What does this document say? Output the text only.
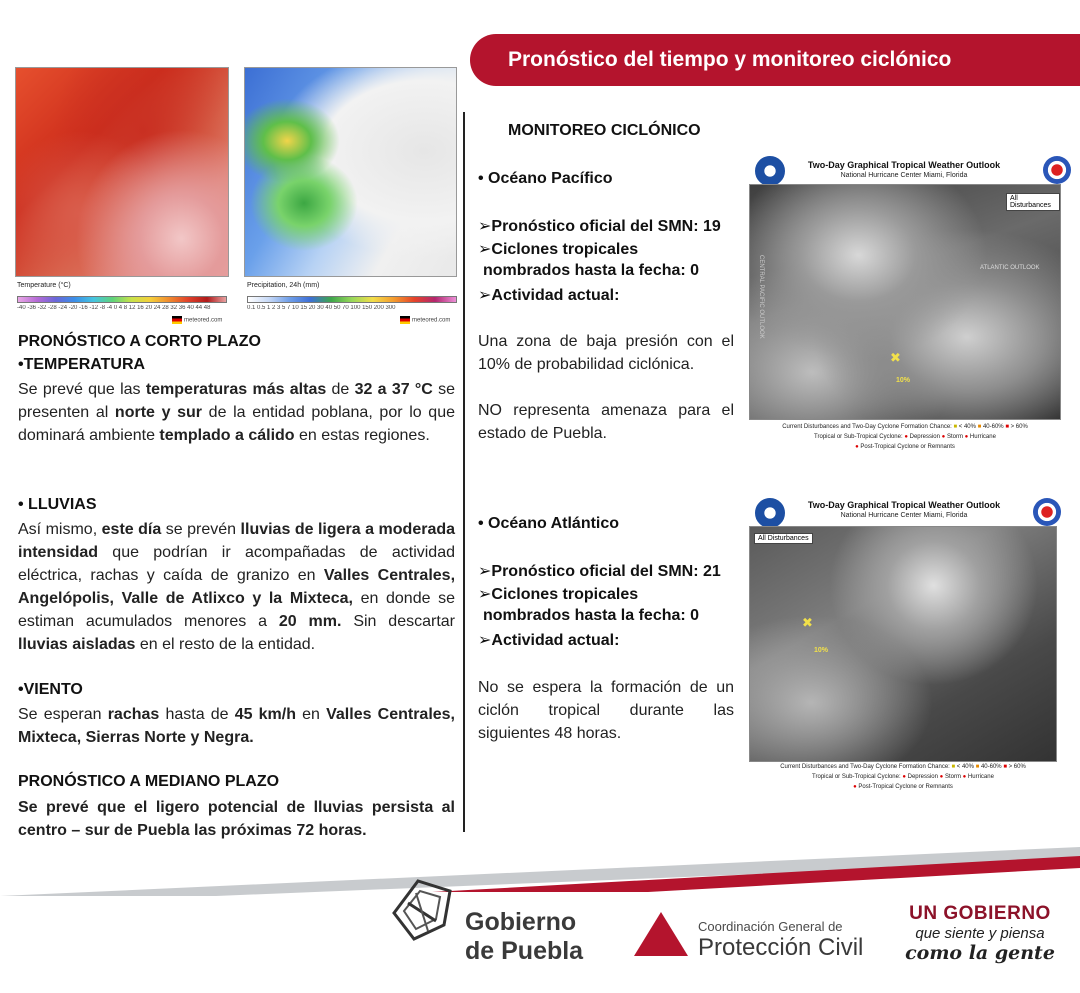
Pronóstico del tiempo y monitoreo ciclónico
Temperature (°C)
-40 -36 -32 -28 -24 -20 -16 -12 -8 -4 0 4 8 12 16 20 24 28 32 36 40 44 48
meteored.com
Precipitation, 24h (mm)
0.1 0.5 1 2 3 5 7 10 15 20 30 40 50 70 100 150 200 300
meteored.com
PRONÓSTICO A CORTO PLAZO
•TEMPERATURA
Se prevé que las temperaturas más altas de 32 a 37 °C se presenten al norte y sur de la entidad poblana, por lo que dominará ambiente templado a cálido en estas regiones.
• LLUVIAS
Así mismo, este día se prevén lluvias de ligera a moderada intensidad que podrían ir acompañadas de actividad eléctrica, rachas y caída de granizo en Valles Centrales, Angelópolis, Valle de Atlixco y la Mixteca, en donde se estiman acumulados menores a 20 mm. Sin descartar lluvias aisladas en el resto de la entidad.
•VIENTO
Se esperan rachas hasta de 45 km/h en Valles Centrales, Mixteca, Sierras Norte y Negra.
PRONÓSTICO A MEDIANO PLAZO
Se prevé que el ligero potencial de lluvias persista al centro – sur de Puebla las próximas 72 horas.
MONITOREO CICLÓNICO
• Océano Pacífico
➢Pronóstico oficial del SMN: 19
➢Ciclones tropicales
nombrados hasta la fecha: 0
➢Actividad actual:
Una zona de baja presión con el 10% de probabilidad ciclónica.
NO representa amenaza para el estado de Puebla.
Two-Day Graphical Tropical Weather Outlook
National Hurricane Center Miami, Florida
All Disturbances
CENTRAL PACIFIC OUTLOOK	ATLANTIC OUTLOOK
✖
10%
Current Disturbances and Two-Day Cyclone Formation Chance: ■ < 40% ■ 40-60% ■ > 60%
Tropical or Sub-Tropical Cyclone: ● Depression ● Storm ● Hurricane
● Post-Tropical Cyclone or Remnants
• Océano Atlántico
➢Pronóstico oficial del SMN: 21
➢Ciclones tropicales
nombrados hasta la fecha: 0
➢Actividad actual:
No se espera la formación de un ciclón tropical durante las siguientes 48 horas.
Two-Day Graphical Tropical Weather Outlook
National Hurricane Center Miami, Florida
All Disturbances
✖
10%
Current Disturbances and Two-Day Cyclone Formation Chance: ■ < 40% ■ 40-60% ■ > 60%
Tropical or Sub-Tropical Cyclone: ● Depression ● Storm ● Hurricane
● Post-Tropical Cyclone or Remnants
Gobierno
de Puebla
Coordinación General de
Protección Civil
UN GOBIERNO
que siente y piensa
como la gente
